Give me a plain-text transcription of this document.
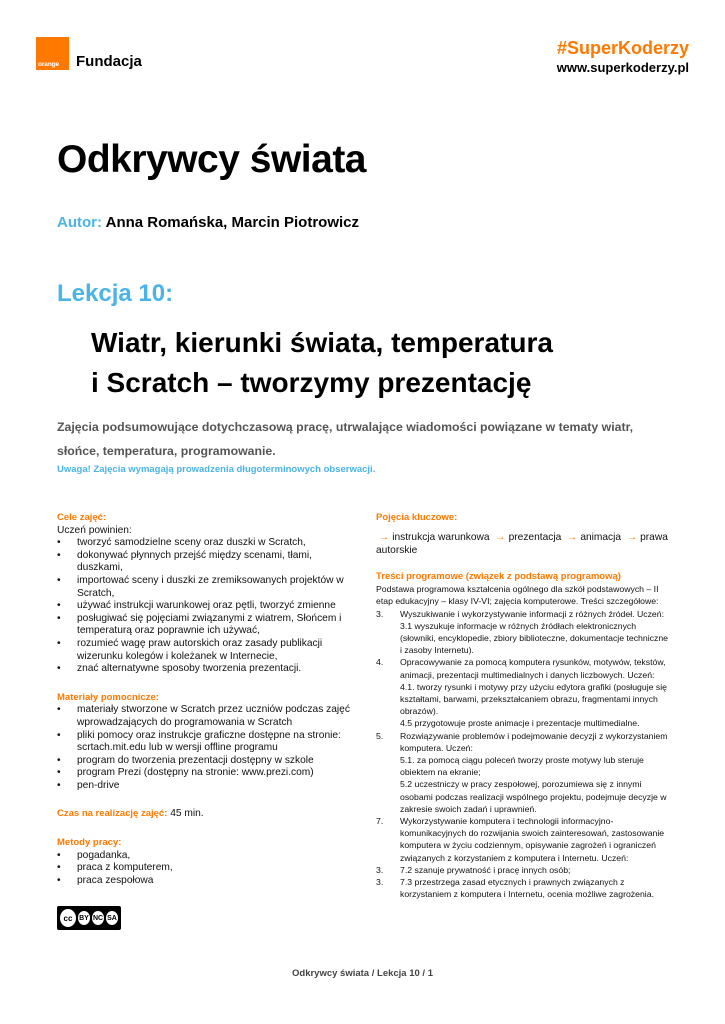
orange Fundacja
#SuperKoderzy
www.superkoderzy.pl
Odkrywcy świata
Autor: Anna Romańska, Marcin Piotrowicz
Lekcja 10:
Wiatr, kierunki świata, temperatura
i Scratch – tworzymy prezentację
Zajęcia podsumowujące dotychczasową pracę, utrwalające wiadomości powiązane w tematy wiatr, słońce, temperatura, programowanie.
Uwaga! Zajęcia wymagają prowadzenia długoterminowych obserwacji.
Cele zajęć:
Uczeń powinien:
• tworzyć samodzielne sceny oraz duszki w Scratch,
• dokonywać płynnych przejść między scenami, tłami, duszkami,
• importować sceny i duszki ze zremiksowanych projektów w Scratch,
• używać instrukcji warunkowej oraz pętli, tworzyć zmienne
• posługiwać się pojęciami związanymi z wiatrem, Słońcem i temperaturą oraz poprawnie ich używać,
• rozumieć wagę praw autorskich oraz zasady publikacji wizerunku kolegów i koleżanek w Internecie,
• znać alternatywne sposoby tworzenia prezentacji.
Materiały pomocnicze:
• materiały stworzone w Scratch przez uczniów podczas zajęć wprowadzających do programowania w Scratch
• pliki pomocy oraz instrukcje graficzne dostępne na stronie: scrtach.mit.edu lub w wersji offline programu
• program do tworzenia prezentacji dostępny w szkole
• program Prezi (dostępny na stronie: www.prezi.com)
• pen-drive
Czas na realizację zajęć: 45 min.
Metody pracy:
• pogadanka,
• praca z komputerem,
• praca zespołowa
Pojęcia kluczowe:
→ instrukcja warunkowa → prezentacja → animacja → prawa autorskie
Treści programowe (związek z podstawą programową)
Podstawa programowa kształcenia ogólnego dla szkół podstawowych – II etap edukacyjny – klasy IV-VI; zajęcia komputerowe. Treści szczegółowe:
3. Wyszukiwanie i wykorzystywanie informacji z różnych źródeł. Uczeń:
3.1 wyszukuje informacje w różnych źródłach elektronicznych (słowniki, encyklopedie, zbiory biblioteczne, dokumentacje techniczne i zasoby Internetu).
4. Opracowywanie za pomocą komputera rysunków, motywów, tekstów, animacji, prezentacji multimedialnych i danych liczbowych. Uczeń:
4.1. tworzy rysunki i motywy przy użyciu edytora grafiki (posługuje się kształtami, barwami, przekształcaniem obrazu, fragmentami innych obrazów).
4.5 przygotowuje proste animacje i prezentacje multimedialne.
5. Rozwiązywanie problemów i podejmowanie decyzji z wykorzystaniem komputera. Uczeń:
5.1. za pomocą ciągu poleceń tworzy proste motywy lub steruje obiektem na ekranie;
5.2 uczestniczy w pracy zespołowej, porozumiewa się z innymi osobami podczas realizacji wspólnego projektu, podejmuje decyzje w zakresie swoich zadań i uprawnień.
7. Wykorzystywanie komputera i technologii informacyjno-komunikacyjnych do rozwijania swoich zainteresowań, zastosowanie komputera w życiu codziennym, opisywanie zagrożeń i ograniczeń związanych z korzystaniem z komputera i Internetu. Uczeń:
3. 7.2 szanuje prywatność i pracę innych osób;
3. 7.3 przestrzega zasad etycznych i prawnych związanych z korzystaniem z komputera i Internetu, ocenia możliwe zagrożenia.
cc BY NC SA
Odkrywcy świata / Lekcja 10 / 1
